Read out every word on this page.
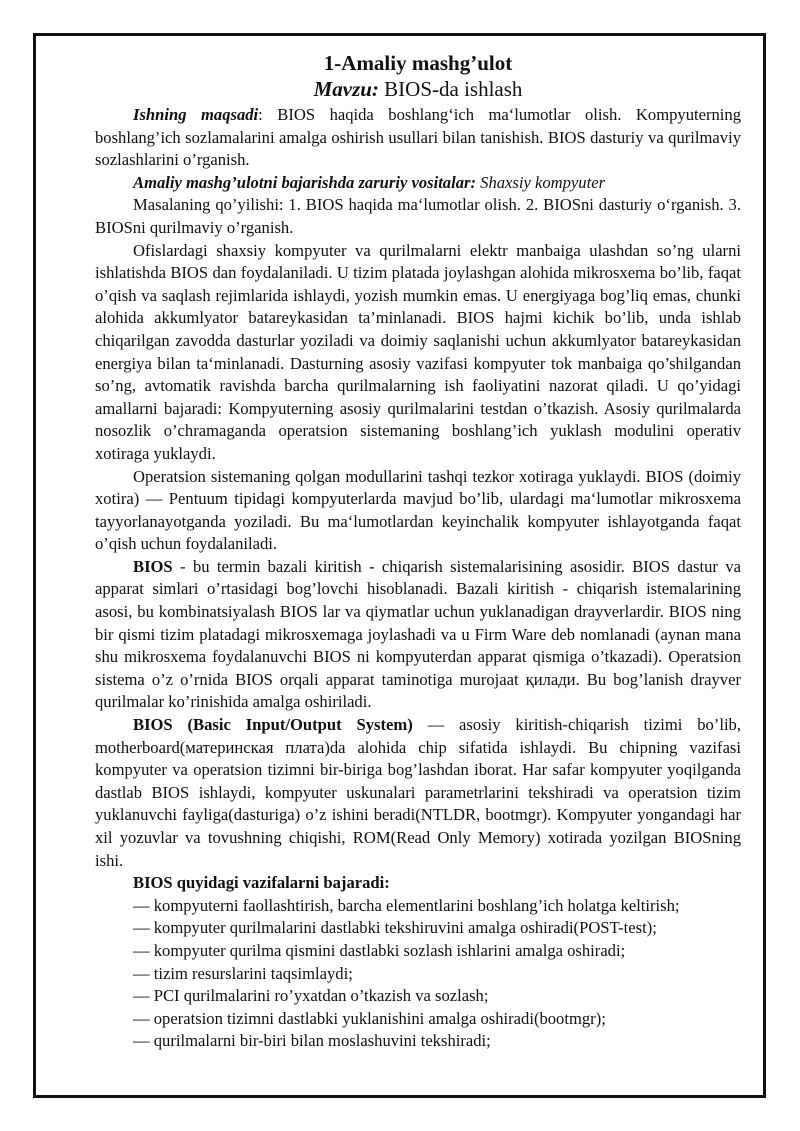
1-Amaliy mashg’ulot
Mavzu: BIOS-da ishlash

Ishning maqsadi: BIOS haqida boshlang‘ich ma‘lumotlar olish. Kompyuterning boshlang’ich sozlamalarini amalga oshirish usullari bilan tanishish. BIOS dasturiy va qurilmaviy sozlashlarini o’rganish.

Amaliy mashg’ulotni bajarishda zaruriy vositalar: Shaxsiy kompyuter

Masalaning qo’yilishi: 1. BIOS haqida ma‘lumotlar olish. 2. BIOSni dasturiy o‘rganish. 3. BIOSni qurilmaviy o’rganish.

Ofislardagi shaxsiy kompyuter va qurilmalarni elektr manbaiga ulashdan so’ng ularni ishlatishda BIOS dan foydalaniladi. U tizim platada joylashgan alohida mikrosxema bo’lib, faqat o’qish va saqlash rejimlarida ishlaydi, yozish mumkin emas. U energiyaga bog’liq emas, chunki alohida akkumlyator batareykasidan ta’minlanadi. BIOS hajmi kichik bo’lib, unda ishlab chiqarilgan zavodda dasturlar yoziladi va doimiy saqlanishi uchun akkumlyator batareykasidan energiya bilan ta‘minlanadi. Dasturning asosiy vazifasi kompyuter tok manbaiga qo’shilgandan so’ng, avtomatik ravishda barcha qurilmalarning ish faoliyatini nazorat qiladi. U qo’yidagi amallarni bajaradi: Kompyuterning asosiy qurilmalarini testdan o’tkazish. Asosiy qurilmalarda nosozlik o’chramaganda operatsion sistemaning boshlang’ich yuklash modulini operativ xotiraga yuklaydi.

Operatsion sistemaning qolgan modullarini tashqi tezkor xotiraga yuklaydi. BIOS (doimiy xotira) — Pentuum tipidagi kompyuterlarda mavjud bo’lib, ulardagi ma‘lumotlar mikrosxema tayyorlanayotganda yoziladi. Bu ma‘lumotlardan keyinchalik kompyuter ishlayotganda faqat o’qish uchun foydalaniladi.

BIOS - bu termin bazali kiritish - chiqarish sistemalarisining asosidir. BIOS dastur va apparat simlari o’rtasidagi bog’lovchi hisoblanadi. Bazali kiritish - chiqarish istemalarining asosi, bu kombinatsiyalash BIOS lar va qiymatlar uchun yuklanadigan drayverlardir. BIOS ning bir qismi tizim platadagi mikrosxemaga joylashadi va u Firm Ware deb nomlanadi (aynan mana shu mikrosxema foydalanuvchi BIOS ni kompyuterdan apparat qismiga o’tkazadi). Operatsion sistema o’z o’rnida BIOS orqali apparat taminotiga murojaat қилади. Bu bog’lanish drayver qurilmalar ko’rinishida amalga oshiriladi.

BIOS (Basic Input/Output System) — asosiy kiritish-chiqarish tizimi bo’lib, motherboard(материнская плата)da alohida chip sifatida ishlaydi. Bu chipning vazifasi kompyuter va operatsion tizimni bir-biriga bog’lashdan iborat. Har safar kompyuter yoqilganda dastlab BIOS ishlaydi, kompyuter uskunalari parametrlarini tekshiradi va operatsion tizim yuklanuvchi fayliga(dasturiga) o’z ishini beradi(NTLDR, bootmgr). Kompyuter yongandagi har xil yozuvlar va tovushning chiqishi, ROM(Read Only Memory) xotirada yozilgan BIOSning ishi.

BIOS quyidagi vazifalarni bajaradi:

— kompyuterni faollashtirish, barcha elementlarini boshlang’ich holatga keltirish;

— kompyuter qurilmalarini dastlabki tekshiruvini amalga oshiradi(POST-test);

— kompyuter qurilma qismini dastlabki sozlash ishlarini amalga oshiradi;

— tizim resurslarini taqsimlaydi;

— PCI qurilmalarini ro’yxatdan o’tkazish va sozlash;

— operatsion tizimni dastlabki yuklanishini amalga oshiradi(bootmgr);

— qurilmalarni bir-biri bilan moslashuvini tekshiradi;
